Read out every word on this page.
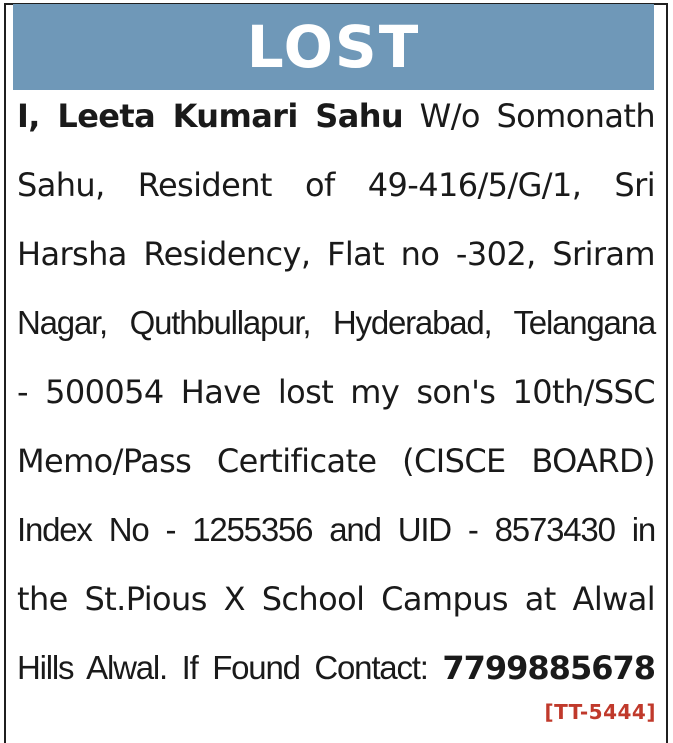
LOST
I, Leeta Kumari Sahu W/o Somonath
Sahu, Resident of 49-416/5/G/1, Sri
Harsha Residency, Flat no -302, Sriram
Nagar, Quthbullapur, Hyderabad, Telangana
- 500054 Have lost my son's 10th/SSC
Memo/Pass Certificate (CISCE BOARD)
Index No - 1255356 and UID - 8573430 in
the St.Pious X School Campus at Alwal
Hills Alwal. If Found Contact: 7799885678
[TT-5444]
